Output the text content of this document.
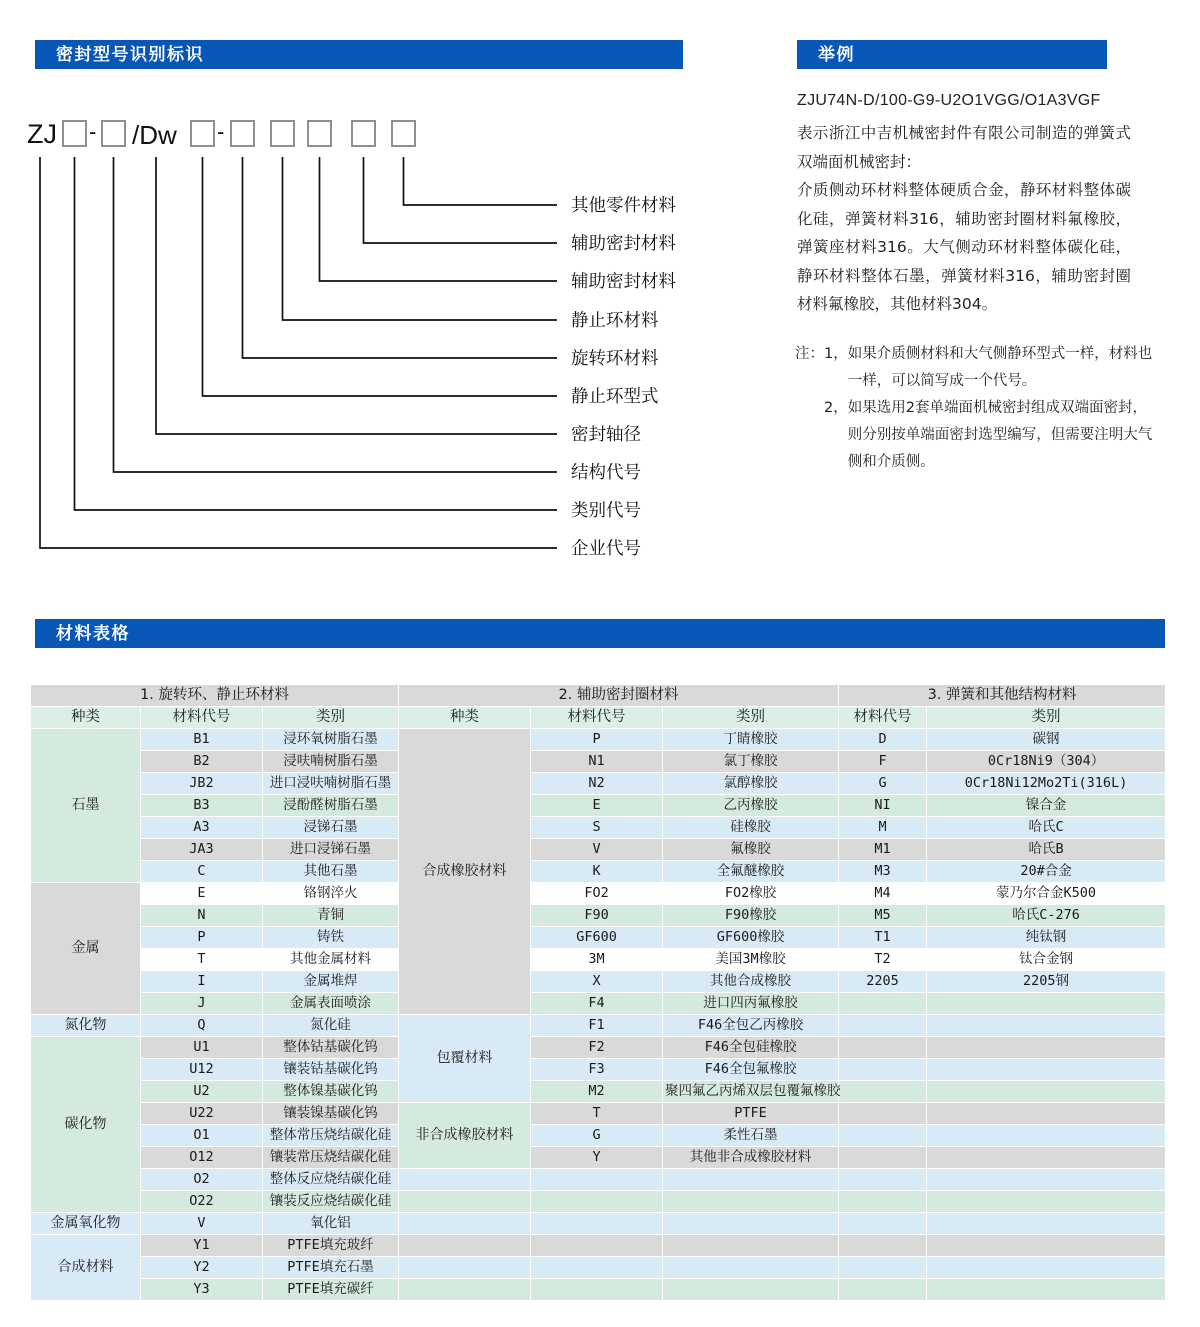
密封型号识别标识	举例
ZJ - /Dw -
其他零件材料
辅助密封材料
辅助密封材料
静止环材料
旋转环材料
静止环型式
密封轴径
结构代号
类别代号
企业代号
ZJU74N-D/100-G9-U2O1VGG/O1A3VGF
表示浙江中吉机械密封件有限公司制造的弹簧式双端面机械密封：
介质侧动环材料整体硬质合金，静环材料整体碳化硅，弹簧材料316，辅助密封圈材料氟橡胶，弹簧座材料316。大气侧动环材料整体碳化硅，静环材料整体石墨，弹簧材料316，辅助密封圈材料氟橡胶，其他材料304。
注： 1， 如果介质侧材料和大气侧静环型式一样，材料也一样，可以简写成一个代号。
2， 如果选用2套单端面机械密封组成双端面密封，则分别按单端面密封选型编写，但需要注明大气侧和介质侧。
材料表格
1. 旋转环、静止环材料			2. 辅助密封圈材料			3. 弹簧和其他结构材料	
种类	材料代号	类别	种类	材料代号	类别	材料代号	类别
石墨	B1	浸环氧树脂石墨	合成橡胶材料	P	丁睛橡胶	D	碳钢
	B2	浸呋喃树脂石墨		N1	氯丁橡胶	F	0Cr18Ni9（304）
	JB2	进口浸呋喃树脂石墨		N2	氯醇橡胶	G	0Cr18Ni12Mo2Ti(316L)
	B3	浸酚醛树脂石墨		E	乙丙橡胶	NI	镍合金
	A3	浸锑石墨		S	硅橡胶	M	哈氏C
	JA3	进口浸锑石墨		V	氟橡胶	M1	哈氏B
	C	其他石墨		K	全氟醚橡胶	M3	20#合金
金属	E	铬钢淬火		FO2	FO2橡胶	M4	蒙乃尔合金K500
	N	青铜		F90	F90橡胶	M5	哈氏C-276
	P	铸铁		GF600	GF600橡胶	T1	纯钛钢
	T	其他金属材料		3M	美国3M橡胶	T2	钛合金钢
	I	金属堆焊		X	其他合成橡胶	2205	2205钢
	J	金属表面喷涂		F4	进口四丙氟橡胶		
氮化物	Q	氮化硅	包覆材料	F1	F46全包乙丙橡胶		
碳化物	U1	整体钴基碳化钨		F2	F46全包硅橡胶		
	U12	镶装钴基碳化钨		F3	F46全包氟橡胶		
	U2	整体镍基碳化钨		M2	聚四氟乙丙烯双层包覆氟橡胶		
	U22	镶装镍基碳化钨	非合成橡胶材料	T	PTFE		
	O1	整体常压烧结碳化硅		G	柔性石墨		
	O12	镶装常压烧结碳化硅		Y	其他非合成橡胶材料		
	O2	整体反应烧结碳化硅					
	O22	镶装反应烧结碳化硅					
金属氧化物	V	氧化铝					
合成材料	Y1	PTFE填充玻纤					
	Y2	PTFE填充石墨					
	Y3	PTFE填充碳纤					
